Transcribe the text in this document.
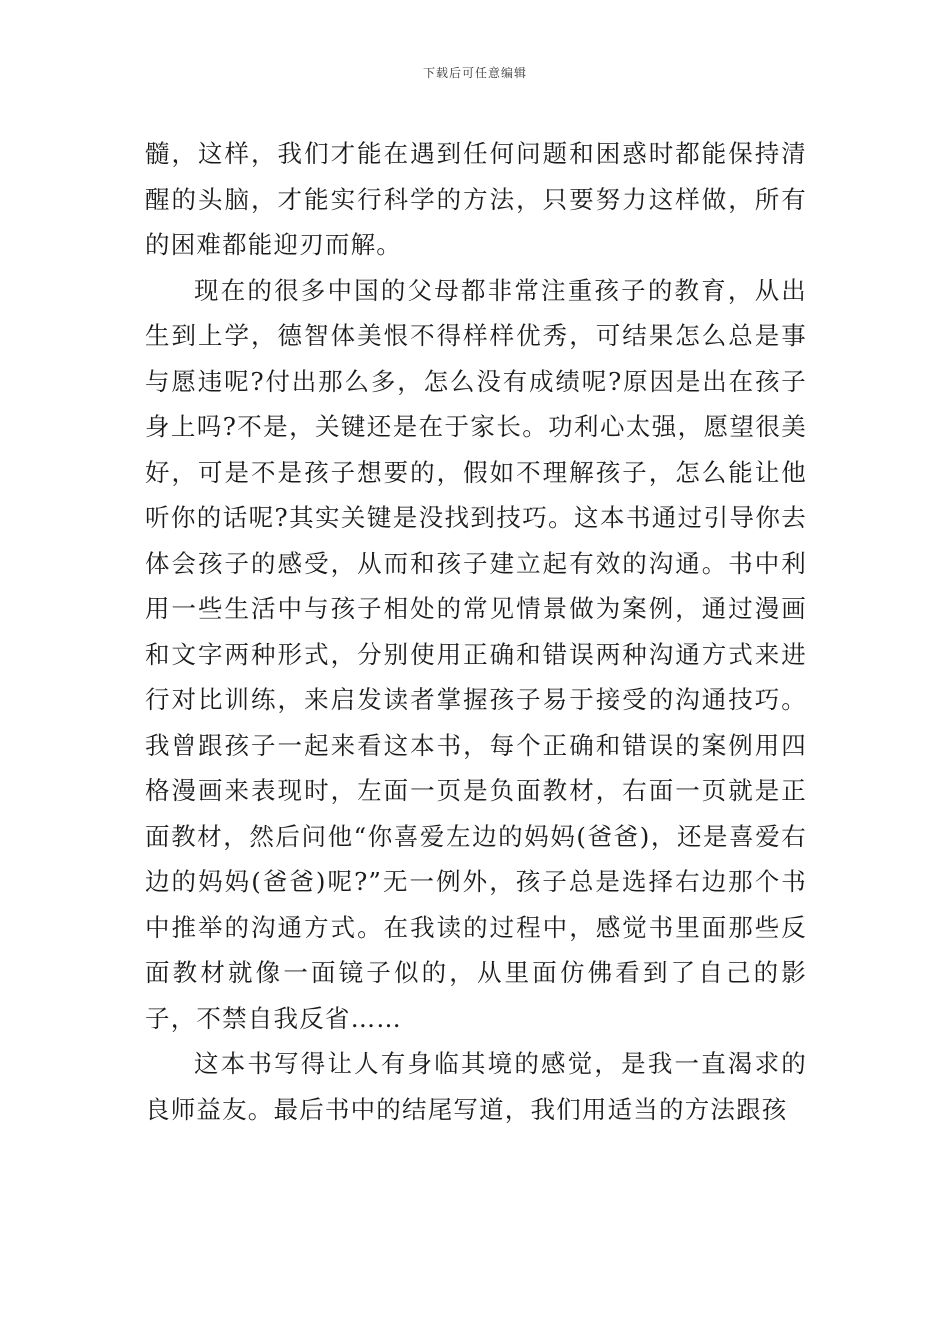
下载后可任意编辑

髓，这样，我们才能在遇到任何问题和困惑时都能保持清醒的头脑，才能实行科学的方法，只要努力这样做，所有的困难都能迎刃而解。

现在的很多中国的父母都非常注重孩子的教育，从出生到上学，德智体美恨不得样样优秀，可结果怎么总是事与愿违呢?付出那么多，怎么没有成绩呢?原因是出在孩子身上吗?不是，关键还是在于家长。功利心太强，愿望很美好，可是不是孩子想要的，假如不理解孩子，怎么能让他听你的话呢?其实关键是没找到技巧。这本书通过引导你去体会孩子的感受，从而和孩子建立起有效的沟通。书中利用一些生活中与孩子相处的常见情景做为案例，通过漫画和文字两种形式，分别使用正确和错误两种沟通方式来进行对比训练，来启发读者掌握孩子易于接受的沟通技巧。我曾跟孩子一起来看这本书，每个正确和错误的案例用四格漫画来表现时，左面一页是负面教材，右面一页就是正面教材，然后问他“你喜爱左边的妈妈(爸爸)，还是喜爱右边的妈妈(爸爸)呢?”无一例外，孩子总是选择右边那个书中推举的沟通方式。在我读的过程中，感觉书里面那些反面教材就像一面镜子似的，从里面仿佛看到了自己的影子，不禁自我反省……

这本书写得让人有身临其境的感觉，是我一直渴求的良师益友。最后书中的结尾写道，我们用适当的方法跟孩
